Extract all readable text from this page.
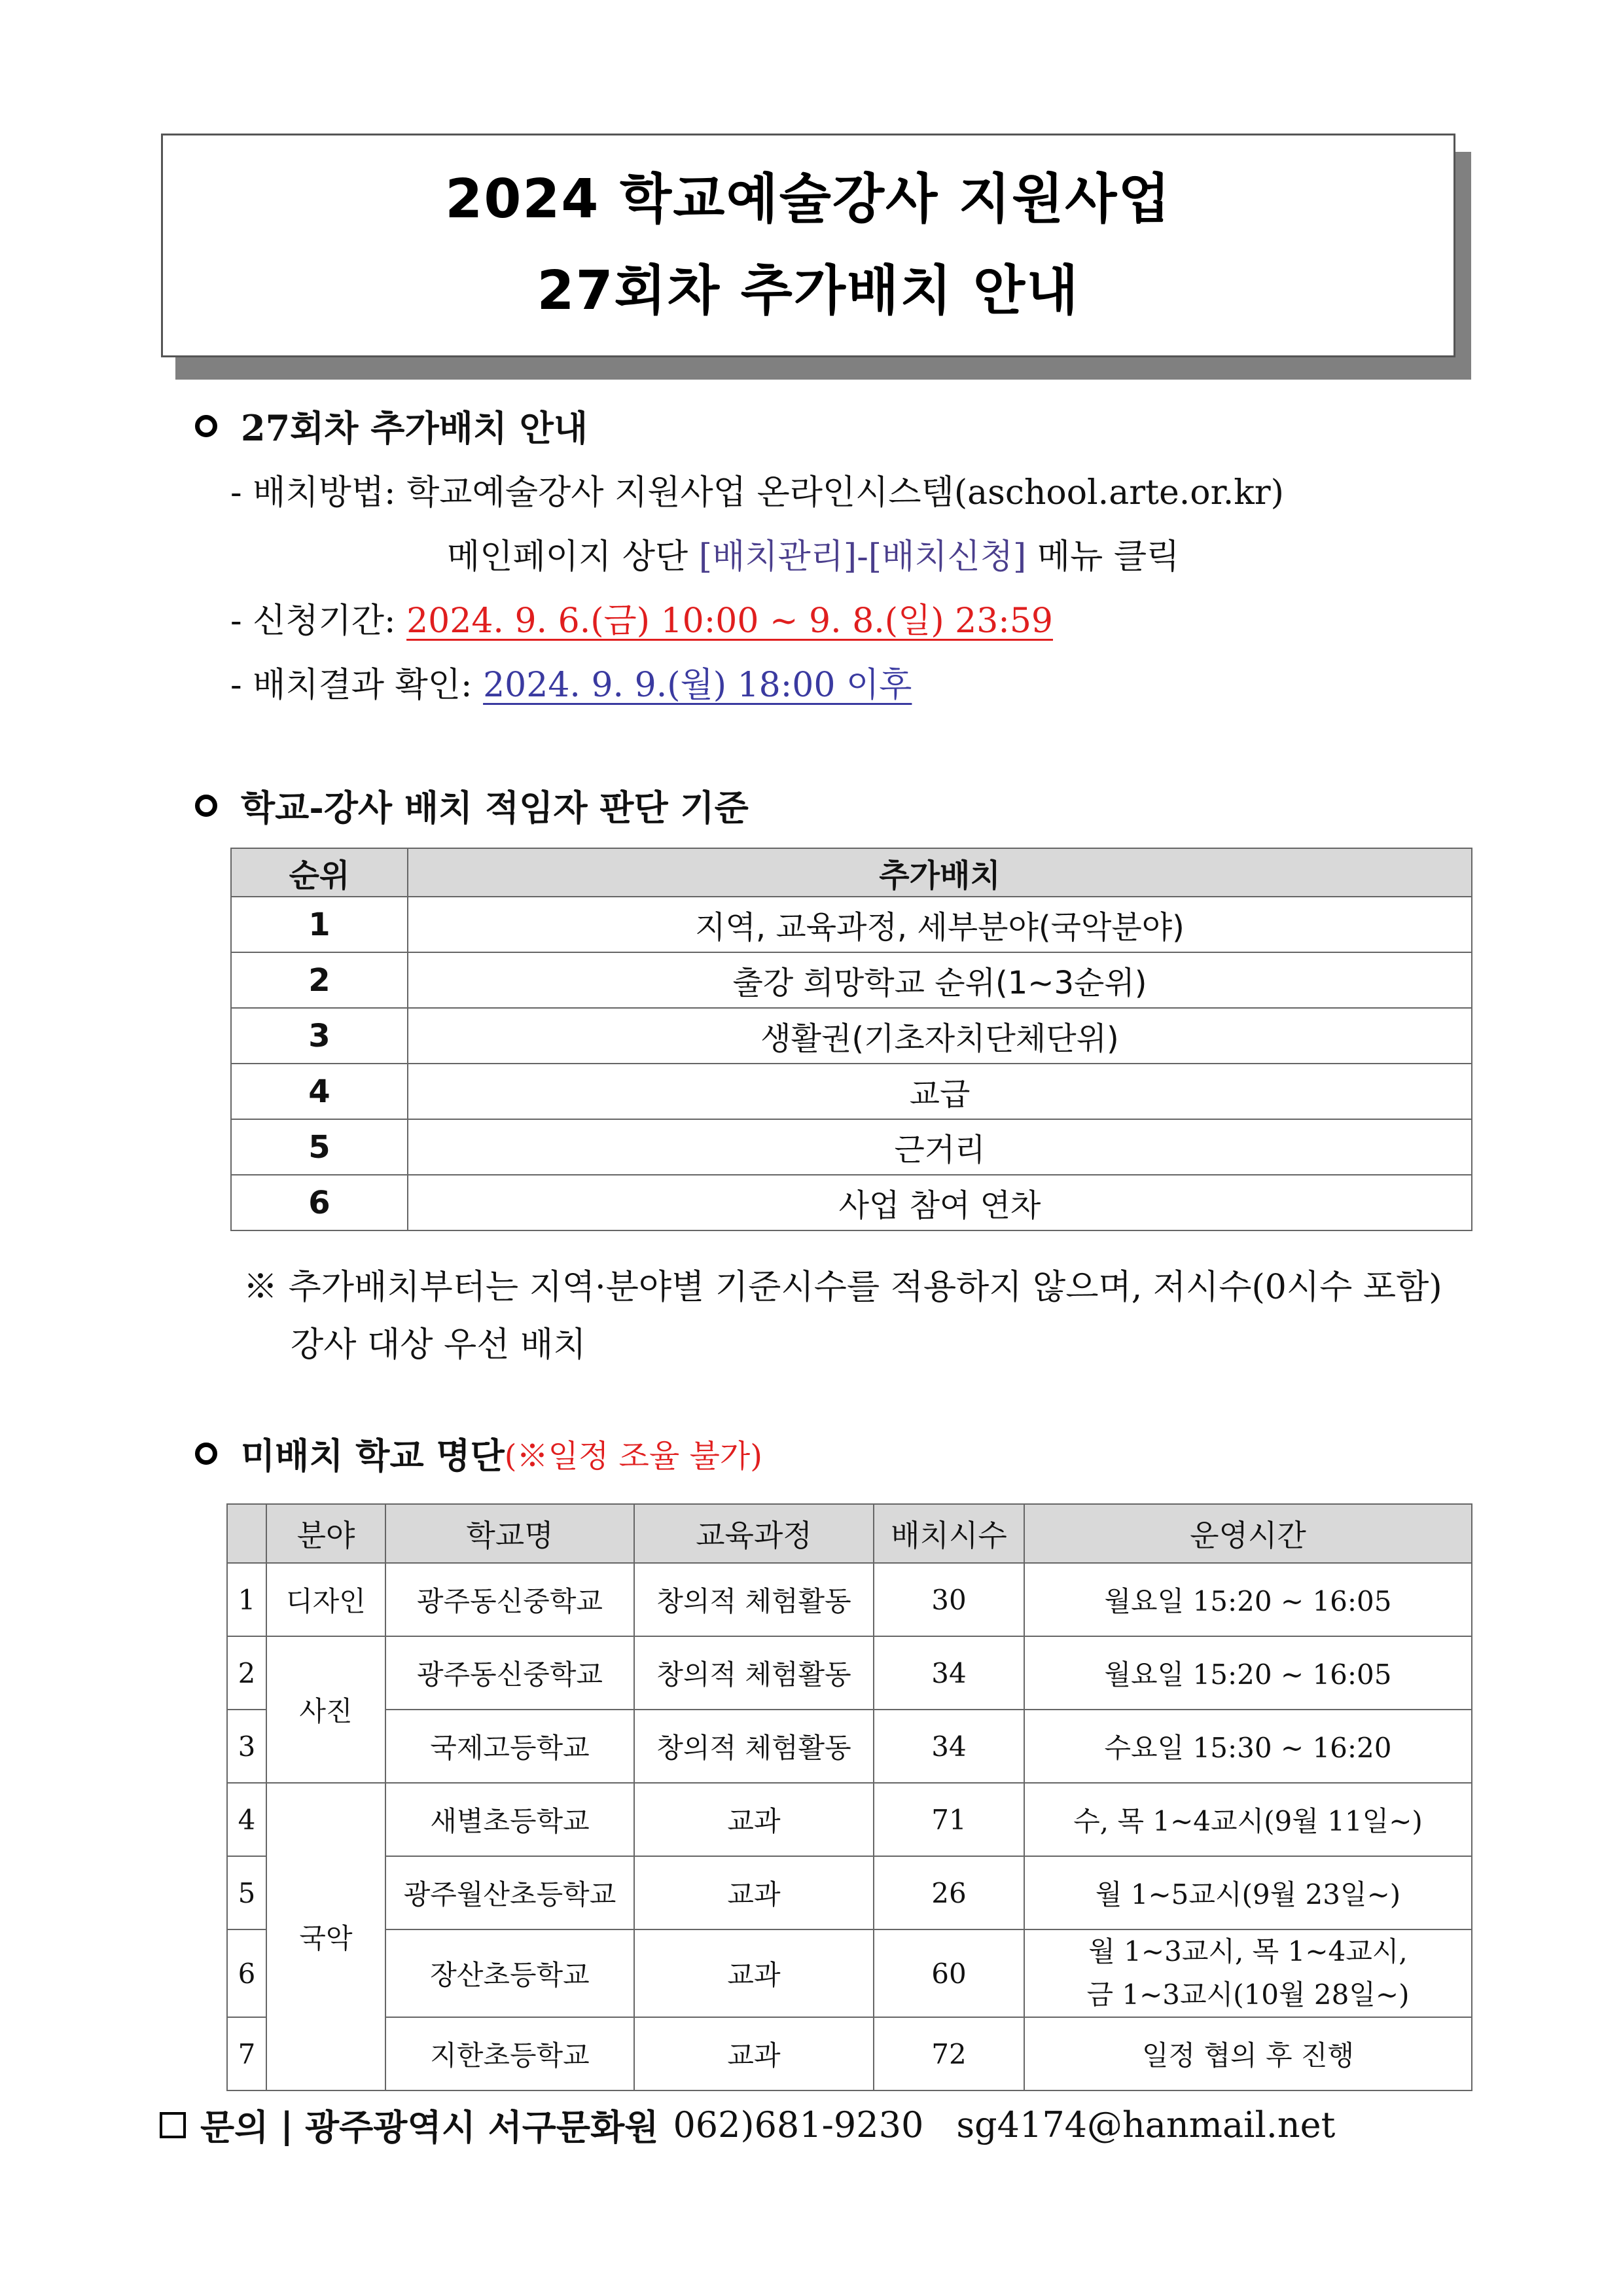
2024 학교예술강사 지원사업
27회차 추가배치 안내
27회차 추가배치 안내
- 배치방법: 학교예술강사 지원사업 온라인시스템(aschool.arte.or.kr)
메인페이지 상단 [배치관리]-[배치신청] 메뉴 클릭
- 신청기간: 2024. 9. 6.(금) 10:00 ~ 9. 8.(일) 23:59
- 배치결과 확인: 2024. 9. 9.(월) 18:00 이후
학교-강사 배치 적임자 판단 기준
순위	추가배치
1	지역, 교육과정, 세부분야(국악분야)
2	출강 희망학교 순위(1~3순위)
3	생활권(기초자치단체단위)
4	교급
5	근거리
6	사업 참여 연차
※ 추가배치부터는 지역·분야별 기준시수를 적용하지 않으며, 저시수(0시수 포함)
강사 대상 우선 배치
미배치 학교 명단 (※일정 조율 불가)
	분야	학교명	교육과정	배치시수	운영시간
1	디자인	광주동신중학교	창의적 체험활동	30	월요일 15:20 ~ 16:05
2	사진	광주동신중학교	창의적 체험활동	34	월요일 15:20 ~ 16:05
3		국제고등학교	창의적 체험활동	34	수요일 15:30 ~ 16:20
4	국악	새별초등학교	교과	71	수, 목 1~4교시(9월 11일~)
5		광주월산초등학교	교과	26	월 1~5교시(9월 23일~)
6		장산초등학교	교과	60	월 1~3교시, 목 1~4교시,
금 1~3교시(10월 28일~)

7		지한초등학교	교과	72	일정 협의 후 진행
문의 | 광주광역시 서구문화원 062)681-9230 sg4174@hanmail.net
